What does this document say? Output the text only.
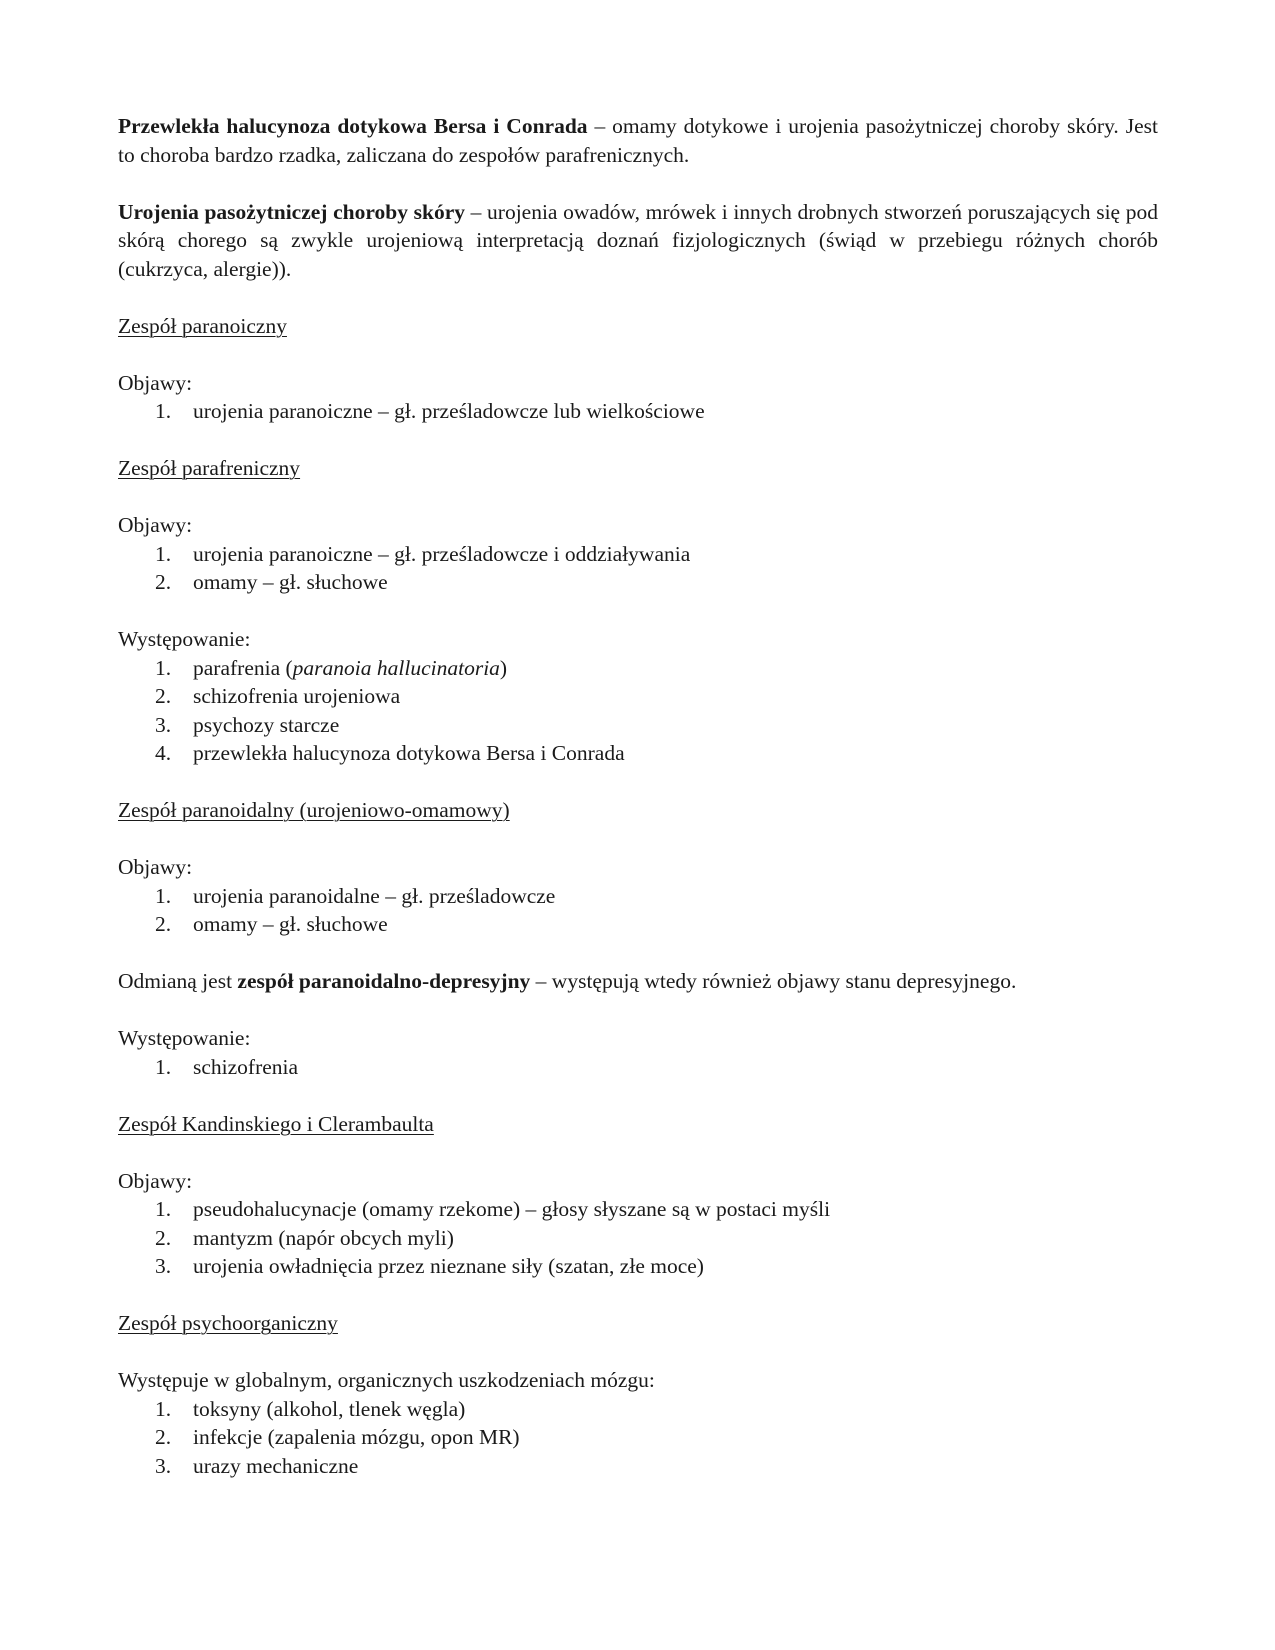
Przewlekła halucynoza dotykowa Bersa i Conrada – omamy dotykowe i urojenia pasożytniczej choroby skóry. Jest to choroba bardzo rzadka, zaliczana do zespołów parafrenicznych.

Urojenia pasożytniczej choroby skóry – urojenia owadów, mrówek i innych drobnych stworzeń poruszających się pod skórą chorego są zwykle urojeniową interpretacją doznań fizjologicznych (świąd w przebiegu różnych chorób (cukrzyca, alergie)).

Zespół paranoiczny

Objawy:

1. urojenia paranoiczne – gł. prześladowcze lub wielkościowe

Zespół parafreniczny

Objawy:

1. urojenia paranoiczne – gł. prześladowcze i oddziaływania
2. omamy – gł. słuchowe

Występowanie:

1. parafrenia (paranoia hallucinatoria)
2. schizofrenia urojeniowa
3. psychozy starcze
4. przewlekła halucynoza dotykowa Bersa i Conrada

Zespół paranoidalny (urojeniowo-omamowy)

Objawy:

1. urojenia paranoidalne – gł. prześladowcze
2. omamy – gł. słuchowe

Odmianą jest zespół paranoidalno-depresyjny – występują wtedy również objawy stanu depresyjnego.

Występowanie:

1. schizofrenia

Zespół Kandinskiego i Clerambaulta

Objawy:

1. pseudohalucynacje (omamy rzekome) – głosy słyszane są w postaci myśli
2. mantyzm (napór obcych myli)
3. urojenia owładnięcia przez nieznane siły (szatan, złe moce)

Zespół psychoorganiczny

Występuje w globalnym, organicznych uszkodzeniach mózgu:

1. toksyny (alkohol, tlenek węgla)
2. infekcje (zapalenia mózgu, opon MR)
3. urazy mechaniczne
